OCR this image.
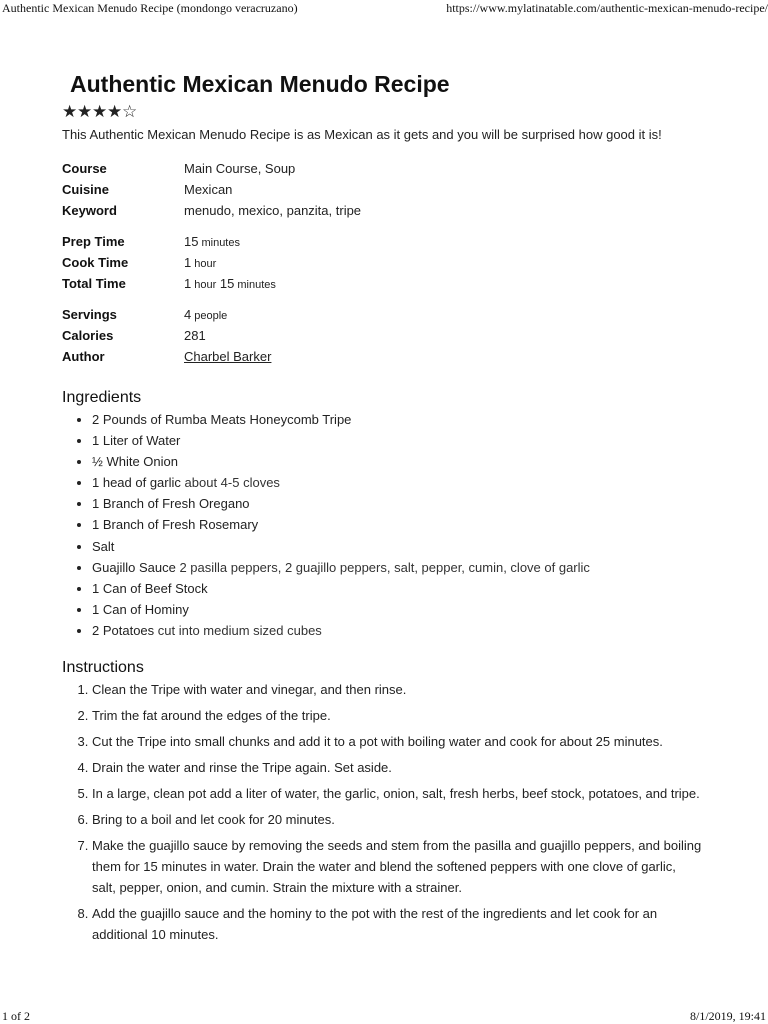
Authentic Mexican Menudo Recipe (mondongo veracruzano)	https://www.mylatinatable.com/authentic-mexican-menudo-recipe/
Authentic Mexican Menudo Recipe
★★★★☆
This Authentic Mexican Menudo Recipe is as Mexican as it gets and you will be surprised how good it is!
Course	Main Course, Soup
Cuisine	Mexican
Keyword	menudo, mexico, panzita, tripe
Prep Time	15 minutes
Cook Time	1 hour
Total Time	1 hour 15 minutes
Servings	4 people
Calories	281
Author	Charbel Barker
Ingredients
• 2 Pounds of Rumba Meats Honeycomb Tripe
• 1 Liter of Water
• ½ White Onion
• 1 head of garlic about 4-5 cloves
• 1 Branch of Fresh Oregano
• 1 Branch of Fresh Rosemary
• Salt
• Guajillo Sauce 2 pasilla peppers, 2 guajillo peppers, salt, pepper, cumin, clove of garlic
• 1 Can of Beef Stock
• 1 Can of Hominy
• 2 Potatoes cut into medium sized cubes
Instructions
1. Clean the Tripe with water and vinegar, and then rinse.
2. Trim the fat around the edges of the tripe.
3. Cut the Tripe into small chunks and add it to a pot with boiling water and cook for about 25 minutes.
4. Drain the water and rinse the Tripe again. Set aside.
5. In a large, clean pot add a liter of water, the garlic, onion, salt, fresh herbs, beef stock, potatoes, and tripe.
6. Bring to a boil and let cook for 20 minutes.
7. Make the guajillo sauce by removing the seeds and stem from the pasilla and guajillo peppers, and boiling them for 15 minutes in water. Drain the water and blend the softened peppers with one clove of garlic, salt, pepper, onion, and cumin. Strain the mixture with a strainer.
8. Add the guajillo sauce and the hominy to the pot with the rest of the ingredients and let cook for an additional 10 minutes.
1 of 2	8/1/2019, 19:41
